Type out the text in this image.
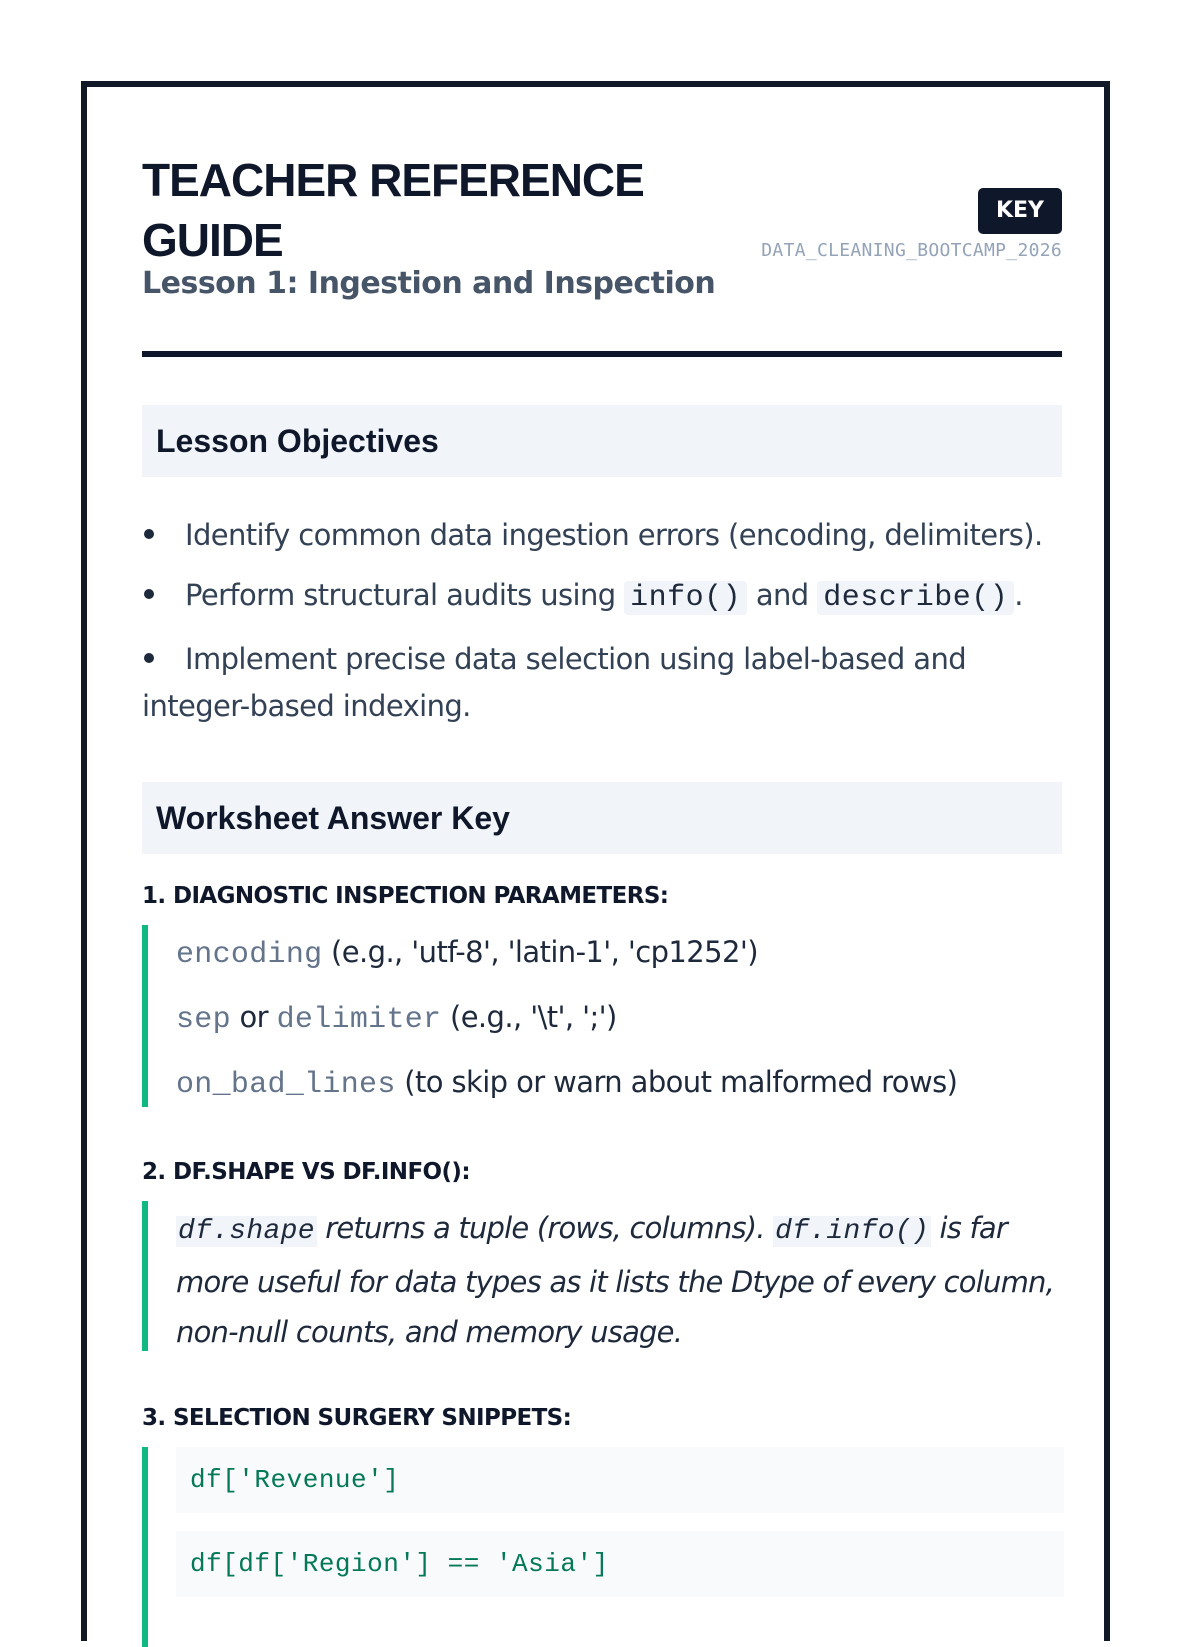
TEACHER REFERENCE
GUIDE
Lesson 1: Ingestion and Inspection
KEY
DATA_CLEANING_BOOTCAMP_2026
Lesson Objectives
Identify common data ingestion errors (encoding, delimiters).
Perform structural audits using info() and describe() .
Implement precise data selection using label-based and
integer-based indexing.
Worksheet Answer Key
1. DIAGNOSTIC INSPECTION PARAMETERS:
encoding (e.g., 'utf-8', 'latin-1', 'cp1252')
sep or delimiter (e.g., '\t', ';')
on_bad_lines (to skip or warn about malformed rows)
2. DF.SHAPE VS DF.INFO():
df.shape returns a tuple (rows, columns). df.info() is far
more useful for data types as it lists the Dtype of every column,
non-null counts, and memory usage.
3. SELECTION SURGERY SNIPPETS:
df['Revenue']
df[df['Region'] == 'Asia']
